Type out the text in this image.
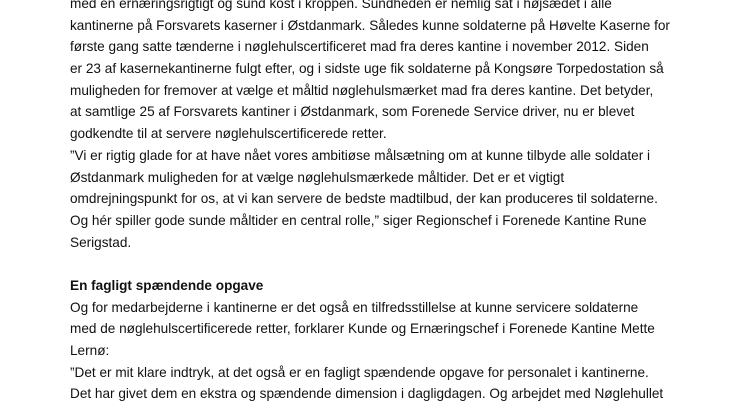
med en ernæringsrigtigt og sund kost i kroppen. Sundheden er nemlig sat i højsædet i alle
kantinerne på Forsvarets kaserner i Østdanmark. Således kunne soldaterne på Høvelte Kaserne for
første gang satte tænderne i nøglehulscertificeret mad fra deres kantine i november 2012. Siden
er 23 af kasernekantinerne fulgt efter, og i sidste uge fik soldaterne på Kongsøre Torpedostation så
muligheden for fremover at vælge et måltid nøglehulsmærket mad fra deres kantine. Det betyder,
at samtlige 25 af Forsvarets kantiner i Østdanmark, som Forenede Service driver, nu er blevet
godkendte til at servere nøglehulscertificerede retter.
”Vi er rigtig glade for at have nået vores ambitiøse målsætning om at kunne tilbyde alle soldater i
Østdanmark muligheden for at vælge nøglehulsmærkede måltider. Det er et vigtigt
omdrejningspunkt for os, at vi kan servere de bedste madtilbud, der kan produceres til soldaterne.
Og hér spiller gode sunde måltider en central rolle,” siger Regionschef i Forenede Kantine Rune
Serigstad.
En fagligt spændende opgave
Og for medarbejderne i kantinerne er det også en tilfredsstillelse at kunne servicere soldaterne
med de nøglehulscertificerede retter, forklarer Kunde og Ernæringschef i Forenede Kantine Mette
Lernø:
”Det er mit klare indtryk, at det også er en fagligt spændende opgave for personalet i kantinerne.
Det har givet dem en ekstra og spændende dimension i dagligdagen. Og arbejdet med Nøglehullet
